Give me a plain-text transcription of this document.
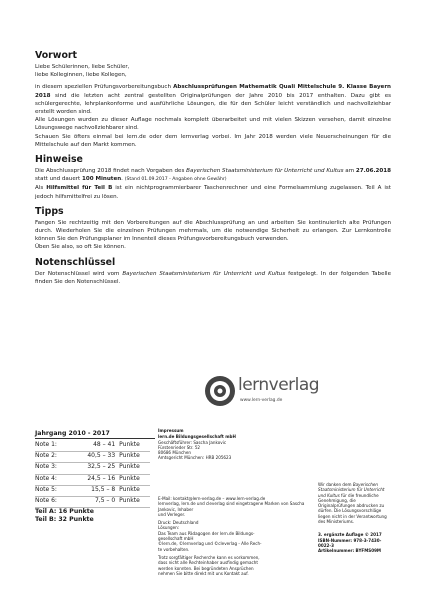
Vorwort

Liebe Schülerinnen, liebe Schüler,

liebe Kolleginnen, liebe Kollegen,

in diesem speziellen Prüfungsvorbereitungsbuch Abschlussprüfungen Mathematik Quali Mittelschule 9. Klasse Bayern 2018 sind die letzten acht zentral gestellten Originalprüfungen der Jahre 2010 bis 2017 enthalten. Dazu gibt es schülergerechte, lehrplankonforme und ausführliche Lösungen, die für den Schüler leicht verständlich und nachvollziehbar erstellt worden sind.

Alle Lösungen wurden zu dieser Auflage nochmals komplett überarbeitet und mit vielen Skizzen versehen, damit einzelne Lösungswege nachvollziehbarer sind.

Schauen Sie öfters einmal bei lern.de oder dem lernverlag vorbei. Im Jahr 2018 werden viele Neuerscheinungen für die Mittelschule auf den Markt kommen.

Hinweise

Die Abschlussprüfung 2018 findet nach Vorgaben des Bayerischen Staatsministerium für Unterricht und Kultus am 27.06.2018 statt und dauert 100 Minuten. (Stand 01.09.2017 - Angaben ohne Gewähr)

Als Hilfsmittel für Teil B ist ein nichtprogrammierbarer Taschenrechner und eine Formelsammlung zugelassen. Teil A ist jedoch hilfsmittelfrei zu lösen.

Tipps

Fangen Sie rechtzeitig mit den Vorbereitungen auf die Abschlussprüfung an und arbeiten Sie kontinuierlich alte Prüfungen durch. Wiederholen Sie die einzelnen Prüfungen mehrmals, um die notwendige Sicherheit zu erlangen. Zur Lernkontrolle können Sie den Prüfungsplaner im Innenteil dieses Prüfungsvorbereitungsbuch verwenden.

Üben Sie also, so oft Sie können.

Notenschlüssel

Der Notenschlüssel wird vom Bayerischen Staatsministerium für Unterricht und Kultus festgelegt. In der folgenden Tabelle finden Sie den Notenschlüssel.

lernverlag
www.lern-verlag.de
Jahrgang 2010 - 2017
Note 1:	48 – 41	Punkte
Note 2:	40,5 – 33	Punkte
Note 3:	32,5 – 25	Punkte
Note 4:	24,5 – 16	Punkte
Note 5:	15,5 – 8	Punkte
Note 6:	7,5 – 0	Punkte
Teil A: 16 Punkte
Teil B: 32 Punkte
Impressum
lern.de Bildungsgesellschaft mbH
Geschäftsführer: Sascha Jankovic
Fürstenrieder Str. 52
80686 München
Amtsgericht München: HRB 205623
E-Mail: kontakt@lern-verlag.de – www.lern-verlag.de
lernverlag, lern.de und cleverlag sind eingetragene Marken von Sascha Jankovic, Inhaber
und Verleger.
Druck: Deutschland
Lösungen:
Das Team aus Pädagogen der lern.de Bildungs-
gesellschaft mbH
©lern.de, ©lernverlag und ©cleverlag - Alle Rech-
te vorbehalten.
Trotz sorgfältiger Recherche kann es vorkommen,
dass nicht alle Rechteinhaber ausfindig gemacht
werden konnten. Bei begründeten Ansprüchen
nehmen Sie bitte direkt mit uns Kontakt auf.

Wir danken dem Bayerischen Staatsministerium für Unterricht und Kultus für die freundliche Genehmigung, die Originalprüfungen abdrucken zu dürfen. Die Lösungsvorschläge liegen nicht in der Verantwortung des Ministeriums.

3. ergänzte Auflage © 2017
ISBN-Nummer: 978-3-7430-0022-3
Artikelnummer: BYFMS09M
